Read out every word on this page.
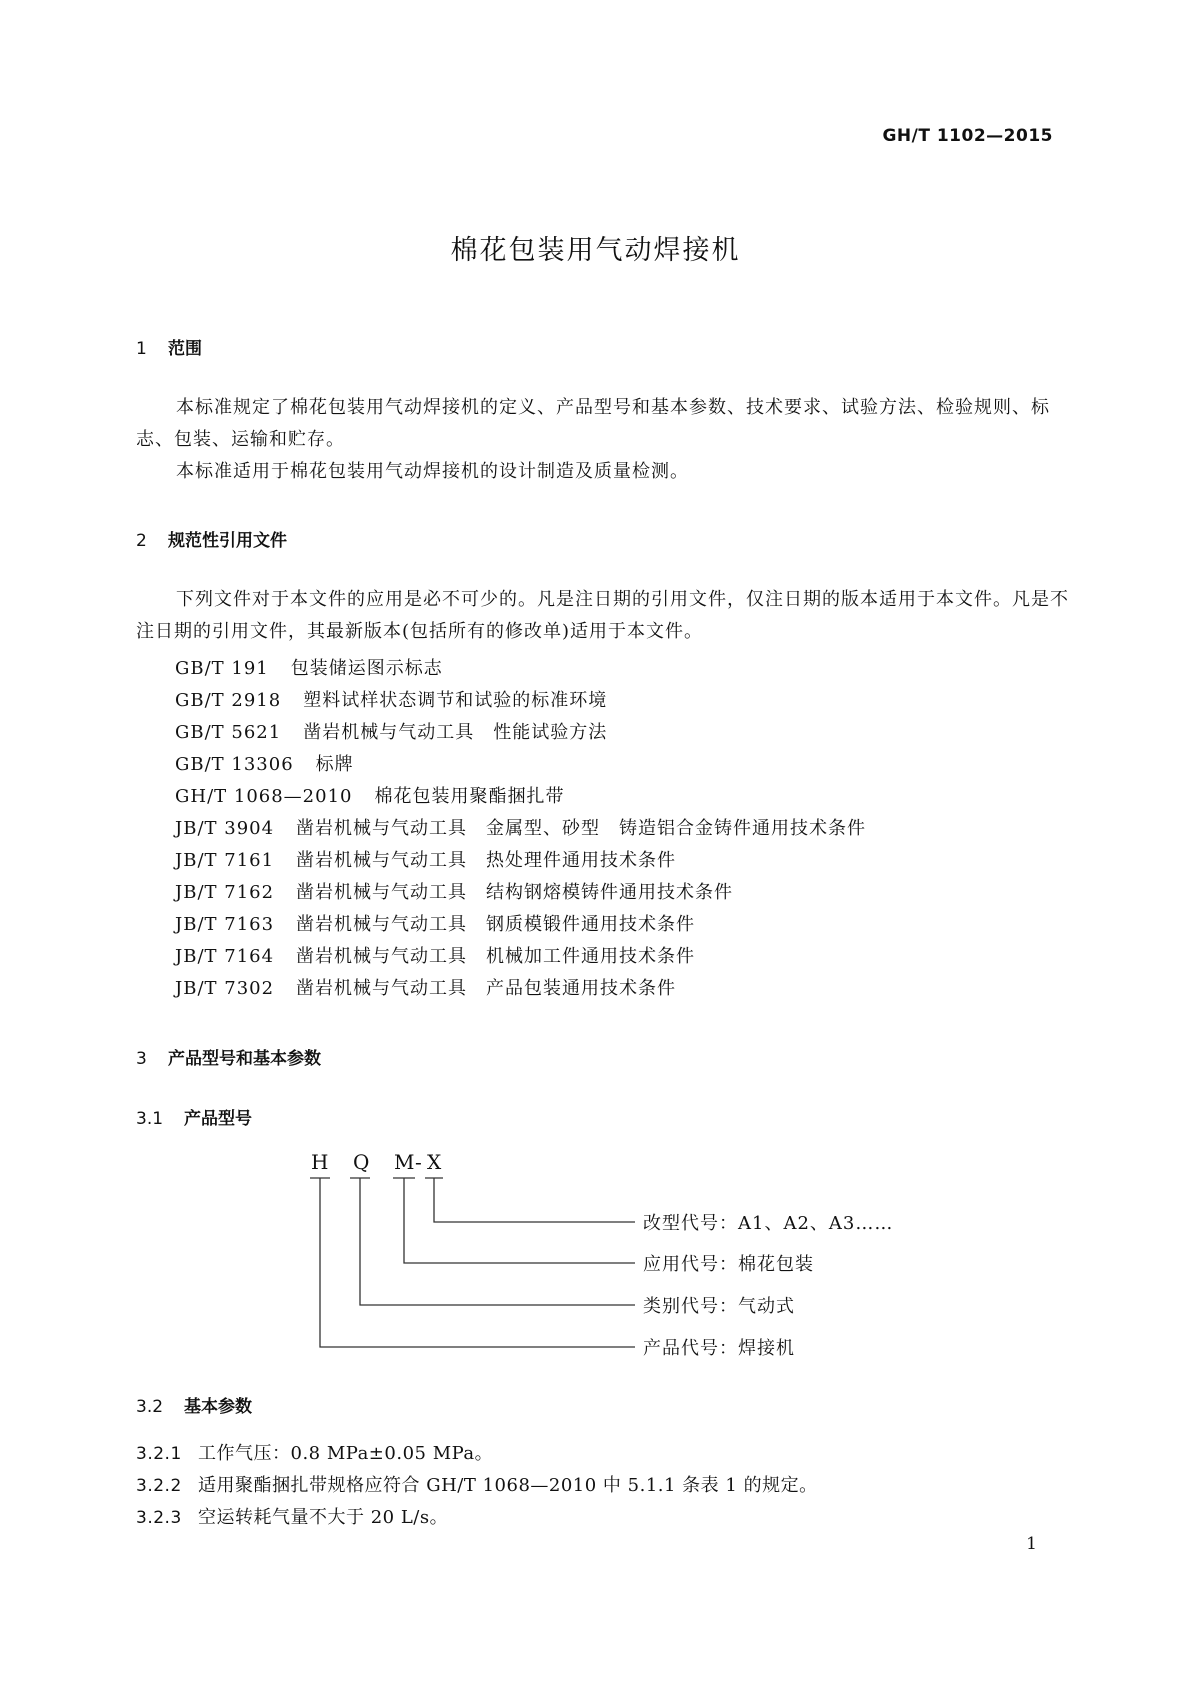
GH/T 1102—2015
棉花包装用气动焊接机
1 范围
本标准规定了棉花包装用气动焊接机的定义、产品型号和基本参数、技术要求、试验方法、检验规则、标志、包装、运输和贮存。
本标准适用于棉花包装用气动焊接机的设计制造及质量检测。
2 规范性引用文件
下列文件对于本文件的应用是必不可少的。凡是注日期的引用文件，仅注日期的版本适用于本文件。凡是不注日期的引用文件，其最新版本(包括所有的修改单)适用于本文件。
GB/T 191 包装储运图示标志
GB/T 2918 塑料试样状态调节和试验的标准环境
GB/T 5621 凿岩机械与气动工具　性能试验方法
GB/T 13306 标牌
GH/T 1068—2010 棉花包装用聚酯捆扎带
JB/T 3904 凿岩机械与气动工具　金属型、砂型　铸造铝合金铸件通用技术条件
JB/T 7161 凿岩机械与气动工具　热处理件通用技术条件
JB/T 7162 凿岩机械与气动工具　结构钢熔模铸件通用技术条件
JB/T 7163 凿岩机械与气动工具　钢质模锻件通用技术条件
JB/T 7164 凿岩机械与气动工具　机械加工件通用技术条件
JB/T 7302 凿岩机械与气动工具　产品包装通用技术条件
3 产品型号和基本参数
3.1 产品型号
H Q M - X
改型代号：A1、A2、A3……
应用代号：棉花包装
类别代号：气动式
产品代号：焊接机
3.2 基本参数
3.2.1 工作气压：0.8 MPa±0.05 MPa。
3.2.2 适用聚酯捆扎带规格应符合 GH/T 1068—2010 中 5.1.1 条表 1 的规定。
3.2.3 空运转耗气量不大于 20 L/s。
1
